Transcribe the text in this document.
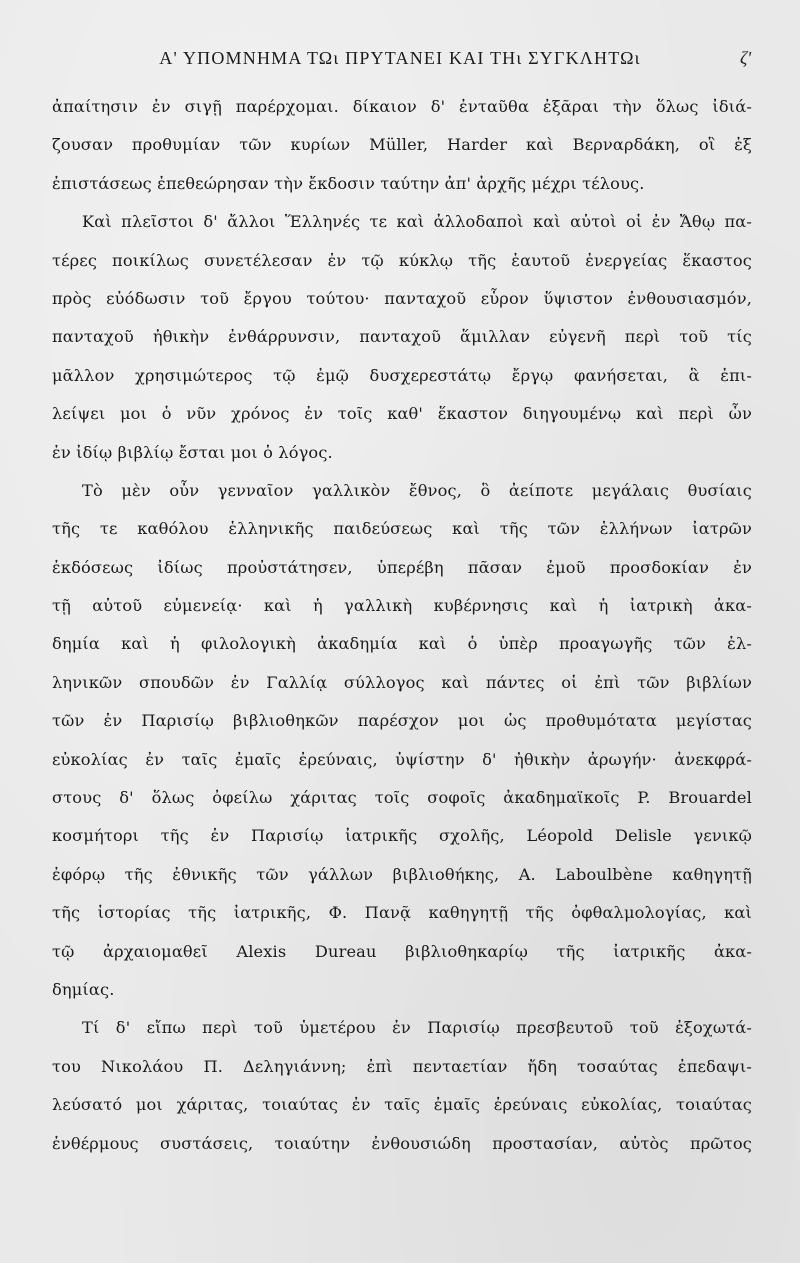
Α' ΥΠΟΜΝΗΜΑ ΤΩι ΠΡΥΤΑΝΕΙ ΚΑΙ ΤΗι ΣΥΓΚΛΗΤΩι	ζ'
ἀπαίτησιν ἐν σιγῇ παρέρχομαι. δίκαιον δ' ἐνταῦθα ἐξᾶραι τὴν ὅλως ἰδιά-
ζουσαν προθυμίαν τῶν κυρίων Müller, Harder καὶ Βερναρδάκη, οἳ ἐξ
ἐπιστάσεως ἐπεθεώρησαν τὴν ἔκδοσιν ταύτην ἀπ' ἀρχῆς μέχρι τέλους.
Καὶ πλεῖστοι δ' ἄλλοι Ἕλληνές τε καὶ ἀλλοδαποὶ καὶ αὐτοὶ οἱ ἐν Ἄθῳ πα-
τέρες ποικίλως συνετέλεσαν ἐν τῷ κύκλῳ τῆς ἑαυτοῦ ἐνεργείας ἕκαστος
πρὸς εὐόδωσιν τοῦ ἔργου τούτου· πανταχοῦ εὗρον ὕψιστον ἐνθουσιασμόν,
πανταχοῦ ἠθικὴν ἐνθάρρυνσιν, πανταχοῦ ἅμιλλαν εὐγενῆ περὶ τοῦ τίς
μᾶλλον χρησιμώτερος τῷ ἐμῷ δυσχερεστάτῳ ἔργῳ φανήσεται, ἃ ἐπι-
λείψει μοι ὁ νῦν χρόνος ἐν τοῖς καθ' ἕκαστον διηγουμένῳ καὶ περὶ ὧν
ἐν ἰδίῳ βιβλίῳ ἔσται μοι ὁ λόγος.
Τὸ μὲν οὖν γενναῖον γαλλικὸν ἔθνος, ὃ ἀείποτε μεγάλαις θυσίαις
τῆς τε καθόλου ἑλληνικῆς παιδεύσεως καὶ τῆς τῶν ἑλλήνων ἰατρῶν
ἐκδόσεως ἰδίως προὐστάτησεν, ὑπερέβη πᾶσαν ἐμοῦ προσδοκίαν ἐν
τῇ αὐτοῦ εὐμενείᾳ· καὶ ἡ γαλλικὴ κυβέρνησις καὶ ἡ ἰατρικὴ ἀκα-
δημία καὶ ἡ φιλολογικὴ ἀκαδημία καὶ ὁ ὑπὲρ προαγωγῆς τῶν ἑλ-
ληνικῶν σπουδῶν ἐν Γαλλίᾳ σύλλογος καὶ πάντες οἱ ἐπὶ τῶν βιβλίων
τῶν ἐν Παρισίῳ βιβλιοθηκῶν παρέσχον μοι ὡς προθυμότατα μεγίστας
εὐκολίας ἐν ταῖς ἐμαῖς ἐρεύναις, ὑψίστην δ' ἠθικὴν ἀρωγήν· ἀνεκφρά-
στους δ' ὅλως ὀφείλω χάριτας τοῖς σοφοῖς ἀκαδημαϊκοῖς P. Brouardel
κοσμήτορι τῆς ἐν Παρισίῳ ἰατρικῆς σχολῆς, Léopold Delisle γενικῷ
ἐφόρῳ τῆς ἐθνικῆς τῶν γάλλων βιβλιοθήκης, A. Laboulbène καθηγητῇ
τῆς ἱστορίας τῆς ἰατρικῆς, Φ. Πανᾷ καθηγητῇ τῆς ὀφθαλμολογίας, καὶ
τῷ ἀρχαιομαθεῖ Alexis Dureau βιβλιοθηκαρίῳ τῆς ἰατρικῆς ἀκα-
δημίας.
Τί δ' εἴπω περὶ τοῦ ὑμετέρου ἐν Παρισίῳ πρεσβευτοῦ τοῦ ἐξοχωτά-
του Νικολάου Π. Δεληγιάννη; ἐπὶ πενταετίαν ἤδη τοσαύτας ἐπεδαψι-
λεύσατό μοι χάριτας, τοιαύτας ἐν ταῖς ἐμαῖς ἐρεύναις εὐκολίας, τοιαύτας
ἐνθέρμους συστάσεις, τοιαύτην ἐνθουσιώδη προστασίαν, αὐτὸς πρῶτος
